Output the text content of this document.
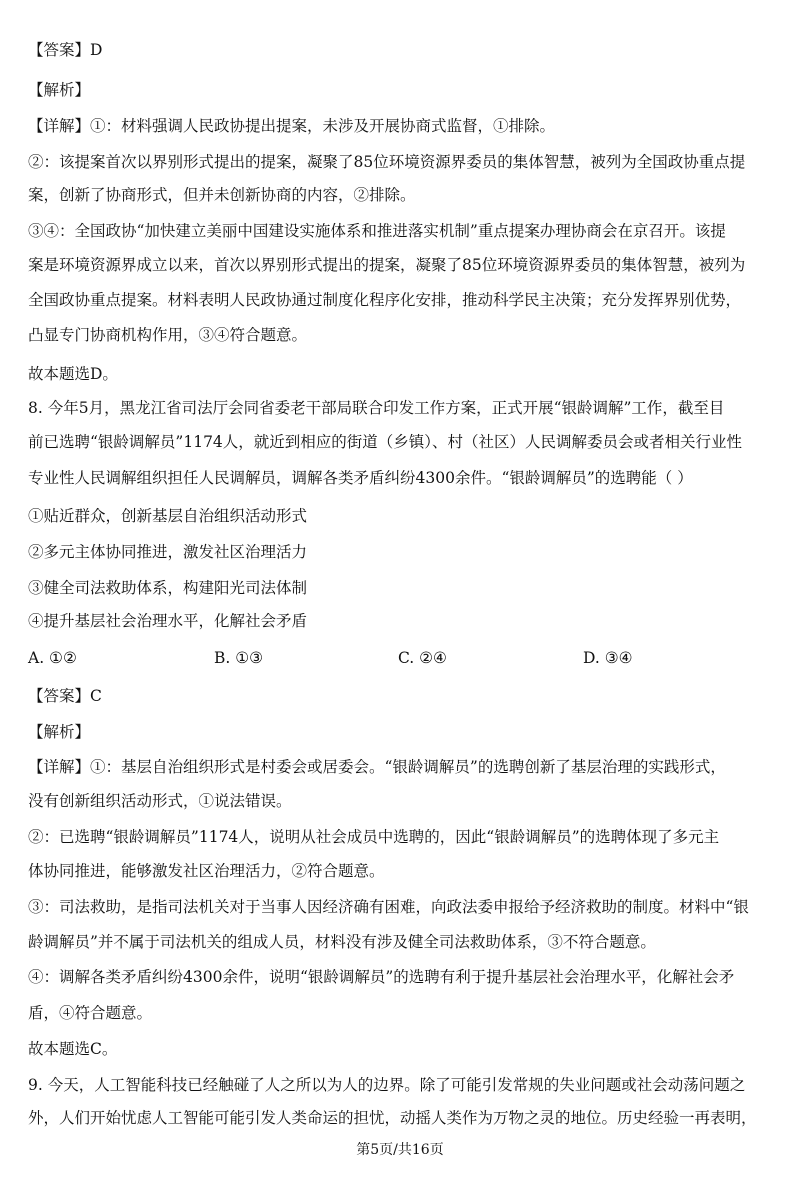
【答案】D
【解析】
【详解】①：材料强调人民政协提出提案，未涉及开展协商式监督，①排除。
②：该提案首次以界别形式提出的提案，凝聚了85位环境资源界委员的集体智慧，被列为全国政协重点提
案，创新了协商形式，但并未创新协商的内容，②排除。
③④：全国政协“加快建立美丽中国建设实施体系和推进落实机制”重点提案办理协商会在京召开。该提
案是环境资源界成立以来，首次以界别形式提出的提案，凝聚了85位环境资源界委员的集体智慧，被列为
全国政协重点提案。材料表明人民政协通过制度化程序化安排，推动科学民主决策；充分发挥界别优势，
凸显专门协商机构作用，③④符合题意。
故本题选D。
8. 今年5月，黑龙江省司法厅会同省委老干部局联合印发工作方案，正式开展“银龄调解”工作，截至目
前已选聘“银龄调解员”1174人，就近到相应的街道（乡镇）、村（社区）人民调解委员会或者相关行业性
专业性人民调解组织担任人民调解员，调解各类矛盾纠纷4300余件。“银龄调解员”的选聘能（ ）
①贴近群众，创新基层自治组织活动形式
②多元主体协同推进，激发社区治理活力
③健全司法救助体系，构建阳光司法体制
④提升基层社会治理水平，化解社会矛盾
A. ①②	B. ①③	C. ②④	D. ③④
【答案】C
【解析】
【详解】①：基层自治组织形式是村委会或居委会。“银龄调解员”的选聘创新了基层治理的实践形式，
没有创新组织活动形式，①说法错误。
②：已选聘“银龄调解员”1174人，说明从社会成员中选聘的，因此“银龄调解员”的选聘体现了多元主
体协同推进，能够激发社区治理活力，②符合题意。
③：司法救助，是指司法机关对于当事人因经济确有困难，向政法委申报给予经济救助的制度。材料中“银
龄调解员”并不属于司法机关的组成人员，材料没有涉及健全司法救助体系，③不符合题意。
④：调解各类矛盾纠纷4300余件，说明“银龄调解员”的选聘有利于提升基层社会治理水平，化解社会矛
盾，④符合题意。
故本题选C。
9. 今天，人工智能科技已经触碰了人之所以为人的边界。除了可能引发常规的失业问题或社会动荡问题之
外，人们开始忧虑人工智能可能引发人类命运的担忧，动摇人类作为万物之灵的地位。历史经验一再表明，
第5页/共16页
